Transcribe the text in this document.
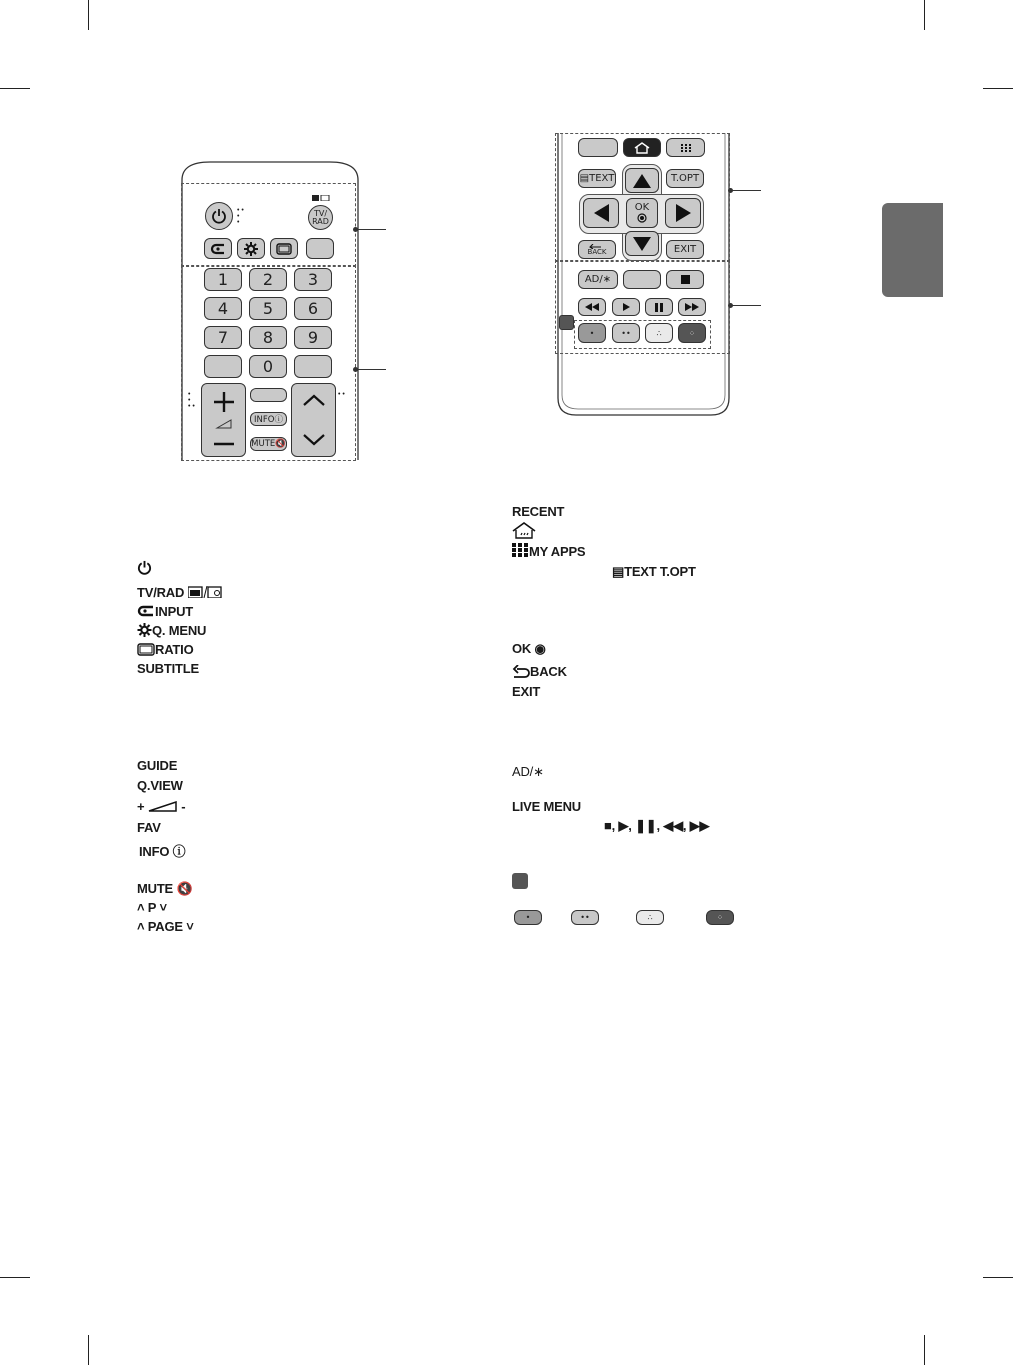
• •
•
•
TV/
RAD
1	2	3
4	5	6
7	8	9
0
•
•
• •
INFOⓘ
MUTE🔇
• •
▤TEXT	T.OPT
BACK	EXIT
OK
AD/∗
•	••	∴	⁘
TV/RAD
INPUT
Q. MENU
RATIO
SUBTITLE
GUIDE
Q.VIEW
+  -
FAV
INFO ⓘ
MUTE 🔇
˄ P ˅
˄ PAGE ˅
RECENT
MY APPS
▤TEXT T.OPT
OK ◉
BACK
EXIT
AD/∗
LIVE MENU
■, ▶, ❚❚, ◀◀, ▶▶
•	••	∴	⁘
